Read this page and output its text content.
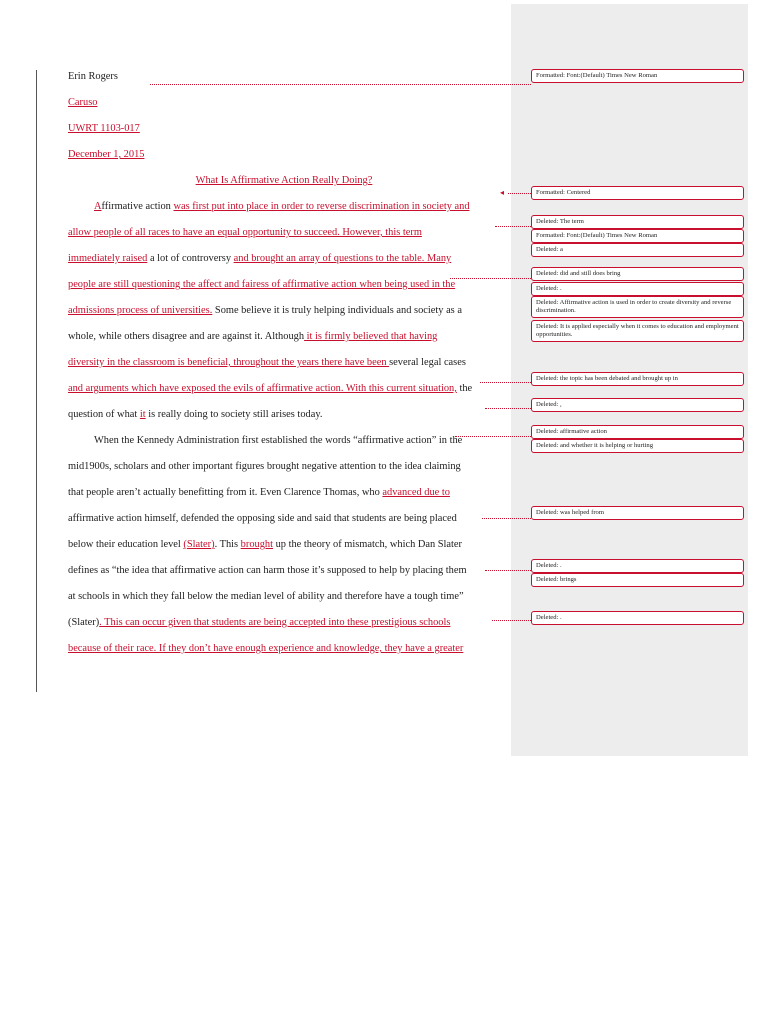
Erin Rogers
Caruso
UWRT 1103-017
December 1, 2015
What Is Affirmative Action Really Doing?
Affirmative action was first put into place in order to reverse discrimination in society and
allow people of all races to have an equal opportunity to succeed. However, this term
immediately raised a lot of controversy and brought an array of questions to the table. Many
people are still questioning the affect and fairess of affirmative action when being used in the
admissions process of universities. Some believe it is truly helping individuals and society as a
whole, while others disagree and are against it. Although it is firmly believed that having
diversity in the classroom is beneficial, throughout the years there have been several legal cases
and arguments which have exposed the evils of affirmative action. With this current situation, the
question of what it is really doing to society still arises today.
When the Kennedy Administration first established the words “affirmative action” in the
mid1900s, scholars and other important figures brought negative attention to the idea claiming
that people aren’t actually benefitting from it. Even Clarence Thomas, who advanced due to
affirmative action himself, defended the opposing side and said that students are being placed
below their education level (Slater). This brought up the theory of mismatch, which Dan Slater
defines as “the idea that affirmative action can harm those it’s supposed to help by placing them
at schools in which they fall below the median level of ability and therefore have a tough time”
(Slater). This can occur given that students are being accepted into these prestigious schools
because of their race. If they don’t have enough experience and knowledge, they have a greater
Formatted: Font:(Default) Times New Roman
Formatted: Centered
Deleted: The term
Formatted: Font:(Default) Times New Roman
Deleted: a
Deleted: did and still does bring
Deleted: .
Deleted: Affirmative action is used in order to create diversity and reverse discrimination.
Deleted: It is applied especially when it comes to education and employment opportunities.
Deleted: the topic has been debated and brought up in
Deleted: ,
Deleted: affirmative action
Deleted: and whether it is helping or hurting
Deleted: was helped from
Deleted: .
Deleted: brings
Deleted: .
◂
